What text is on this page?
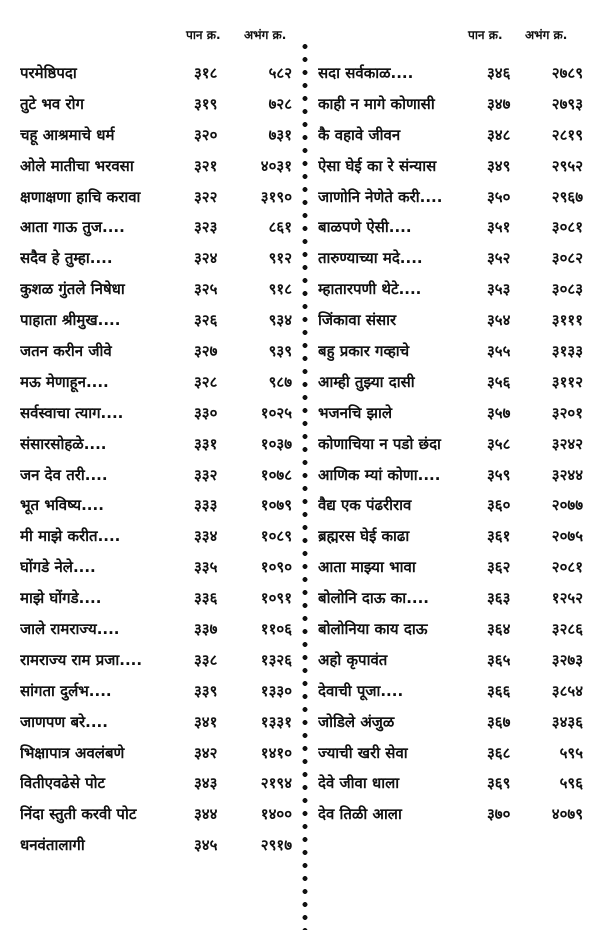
पान क्र. अभंग क्र.
परमेष्ठिपदा	३१८	५८२
तुटे भव रोग	३१९	७२८
चहू आश्रमाचे धर्म	३२०	७३१
ओले मातीचा भरवसा	३२१	४०३१
क्षणाक्षणा हाचि करावा	३२२	३१९०
आता गाऊ तुज....	३२३	८६१
सदैव हे तुम्हा....	३२४	९१२
कुशळ गुंतले निषेधा	३२५	९१८
पाहाता श्रीमुख....	३२६	९३४
जतन करीन जीवे	३२७	९३९
मऊ मेणाहून....	३२८	९८७
सर्वस्वाचा त्याग....	३३०	१०२५
संसारसोहळे....	३३१	१०३७
जन देव तरी....	३३२	१०७८
भूत भविष्य....	३३३	१०७९
मी माझे करीत....	३३४	१०८९
घोंगडे नेले....	३३५	१०९०
माझे घोंगडे....	३३६	१०९१
जाले रामराज्य....	३३७	११०६
रामराज्य राम प्रजा....	३३८	१३२६
सांगता दुर्लभ....	३३९	१३३०
जाणपण बरे....	३४१	१३३१
भिक्षापात्र अवलंबणे	३४२	१४१०
वितीएवढेसे पोट	३४३	२१९४
निंदा स्तुती करवी पोट	३४४	१४००
धनवंतालागी	३४५	२९१७
पान क्र. अभंग क्र.
सदा सर्वकाळ....	३४६	२७८९
काही न मागे कोणासी	३४७	२७९३
कै वहावे जीवन	३४८	२८१९
ऐसा घेई का रे संन्यास	३४९	२९५२
जाणोनि नेणेते करी....	३५०	२९६७
बाळपणे ऐसी....	३५१	३०८१
तारुण्याच्या मदे....	३५२	३०८२
म्हातारपणी थेटे....	३५३	३०८३
जिंकावा संसार	३५४	३१११
बहु प्रकार गव्हाचे	३५५	३१३३
आम्ही तुझ्या दासी	३५६	३११२
भजनचि झाले	३५७	३२०१
कोणाचिया न पडो छंदा	३५८	३२४२
आणिक म्यां कोणा....	३५९	३२४४
वैद्य एक पंढरीराव	३६०	२०७७
ब्रह्मरस घेई काढा	३६१	२०७५
आता माझ्या भावा	३६२	२०८१
बोलोनि दाऊ का....	३६३	१२५२
बोलोनिया काय दाऊ	३६४	३२८६
अहो कृपावंत	३६५	३२७३
देवाची पूजा....	३६६	३८५४
जोडिले अंजुळ	३६७	३४३६
ज्याची खरी सेवा	३६८	५९५
देवे जीवा धाला	३६९	५९६
देव तिळी आला	३७०	४०७९
